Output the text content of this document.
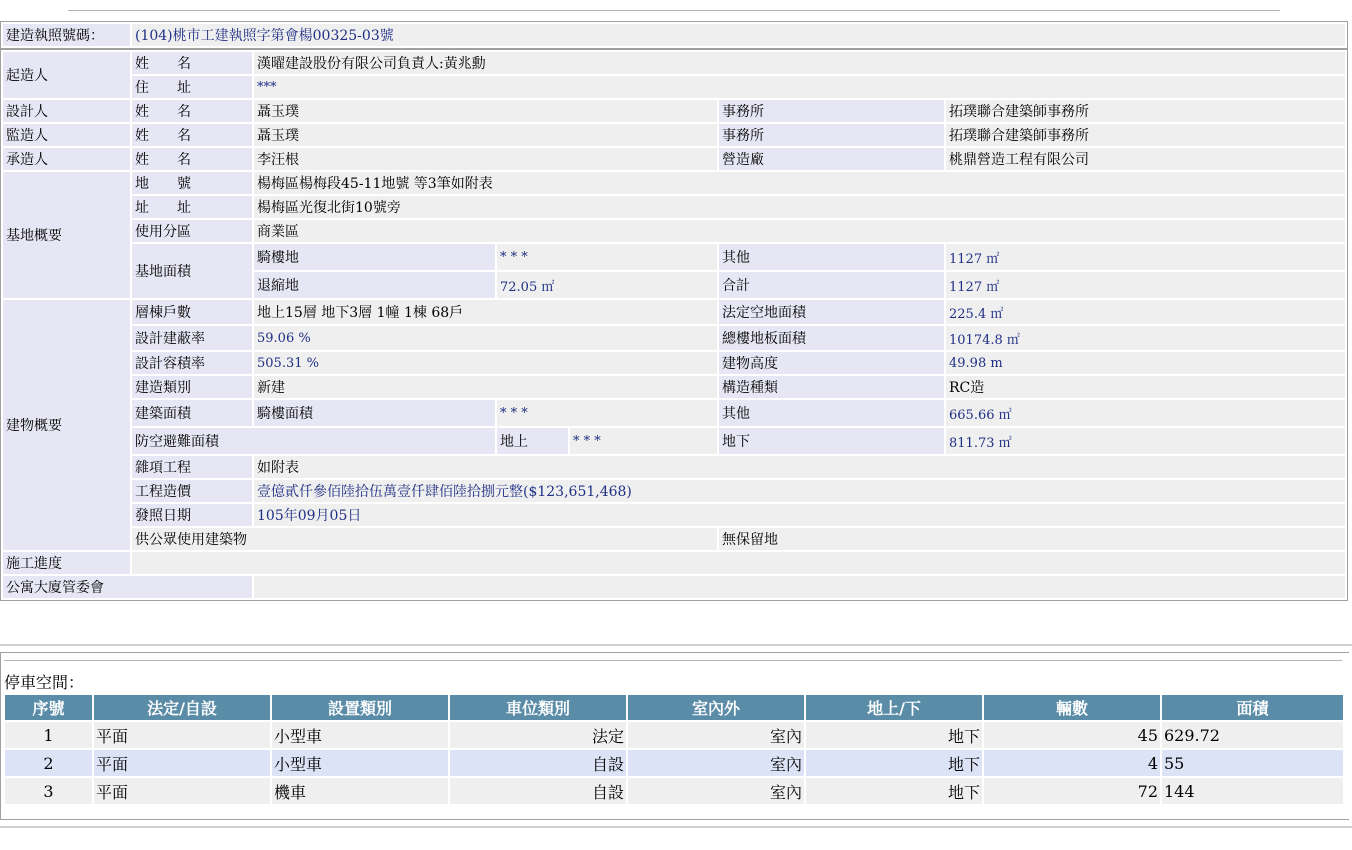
建造執照號碼：	(104)桃市工建執照字第會楊00325-03號
起造人	姓　　名	漢曜建設股份有限公司負責人:黃兆勳				
	住　　址	***				
設計人	姓　　名	聶玉璞			事務所	拓璞聯合建築師事務所
監造人	姓　　名	聶玉璞			事務所	拓璞聯合建築師事務所
承造人	姓　　名	李汪根			營造廠	桃鼎營造工程有限公司
基地概要	地　　號	楊梅區楊梅段45-11地號 等3筆如附表				
	址　　址	楊梅區光復北街10號旁				
	使用分區	商業區				
	基地面積	騎樓地	* * *		其他	1127 ㎡
		退縮地	72.05 ㎡		合計	1127 ㎡
建物概要	層棟戶數	地上15層 地下3層 1幢 1棟 68戶			法定空地面積	225.4 ㎡
	設計建蔽率	59.06 %			總樓地板面積	10174.8 ㎡
	設計容積率	505.31 %			建物高度	49.98 m
	建造類別	新建			構造種類	RC造
	建築面積	騎樓面積	* * *		其他	665.66 ㎡
	防空避難面積		地上	* * *	地下	811.73 ㎡
	雜項工程	如附表				
	工程造價	壹億貳仟參佰陸拾伍萬壹仟肆佰陸拾捌元整($123,651,468)				
	發照日期	105年09月05日				
	供公眾使用建築物				無保留地	
施工進度						
公寓大廈管委會						
停車空間：
序號	法定/自設	設置類別	車位類別	室內外	地上/下	輛數	面積
1	平面	小型車	法定	室內	地下	45	629.72
2	平面	小型車	自設	室內	地下	4	55
3	平面	機車	自設	室內	地下	72	144
